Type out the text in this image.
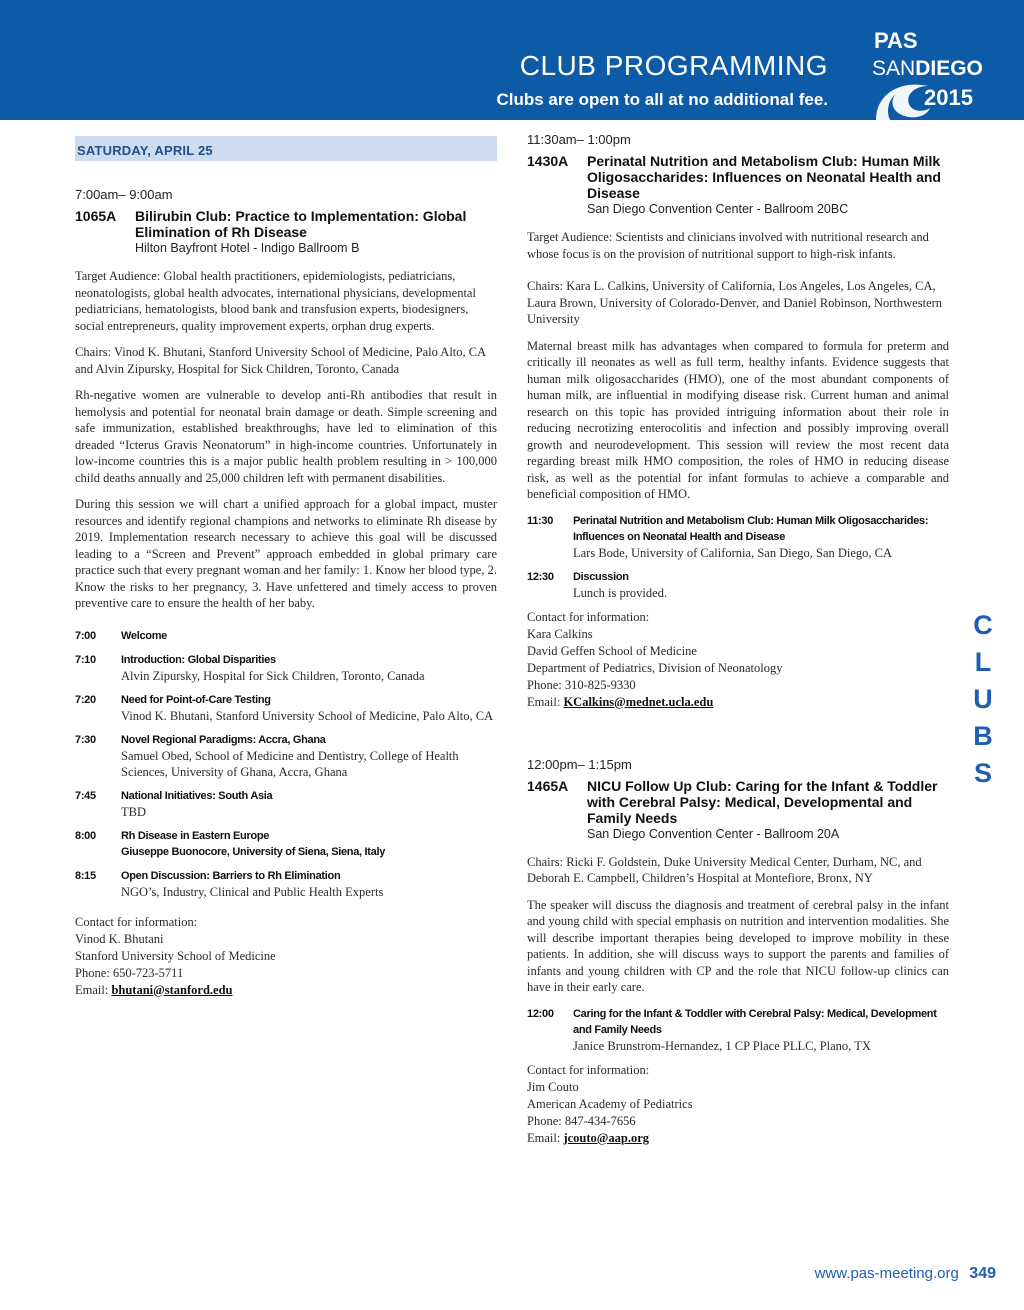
CLUB PROGRAMMING
Clubs are open to all at no additional fee.
PAS
SANDIEGO
2015
SATURDAY, APRIL 25
7:00am– 9:00am
1065A	Bilirubin Club: Practice to Implementation: Global Elimination of Rh Disease
Hilton Bayfront Hotel - Indigo Ballroom B

Target Audience: Global health practitioners, epidemiologists, pediatricians, neonatologists, global health advocates, international physicians, developmental pediatricians, hematologists, blood bank and transfusion experts, biodesigners, social entrepreneurs, quality improvement experts, orphan drug experts.

Chairs: Vinod K. Bhutani, Stanford University School of Medicine, Palo Alto, CA and Alvin Zipursky, Hospital for Sick Children, Toronto, Canada

Rh-negative women are vulnerable to develop anti-Rh antibodies that result in hemolysis and potential for neonatal brain damage or death. Simple screening and safe immunization, established breakthroughs, have led to elimination of this dreaded “Icterus Gravis Neonatorum” in high-income countries. Unfortunately in low-income countries this is a major public health problem resulting in > 100,000 child deaths annually and 25,000 children left with permanent disabilities.

During this session we will chart a unified approach for a global impact, muster resources and identify regional champions and networks to eliminate Rh disease by 2019. Implementation research necessary to achieve this goal will be discussed leading to a “Screen and Prevent” approach embedded in global primary care practice such that every pregnant woman and her family: 1. Know her blood type, 2. Know the risks to her pregnancy, 3. Have unfettered and timely access to proven preventive care to ensure the health of her baby.

7:00	Welcome
7:10	Introduction: Global Disparities
Alvin Zipursky, Hospital for Sick Children, Toronto, Canada
7:20	Need for Point-of-Care Testing
Vinod K. Bhutani, Stanford University School of Medicine, Palo Alto, CA
7:30	Novel Regional Paradigms: Accra, Ghana
Samuel Obed, School of Medicine and Dentistry, College of Health Sciences, University of Ghana, Accra, Ghana
7:45	National Initiatives: South Asia
TBD
8:00	Rh Disease in Eastern Europe
Giuseppe Buonocore, University of Siena, Siena, Italy
8:15	Open Discussion: Barriers to Rh Elimination
NGO’s, Industry, Clinical and Public Health Experts
Contact for information:
Vinod K. Bhutani
Stanford University School of Medicine
Phone: 650-723-5711
Email: bhutani@stanford.edu
11:30am– 1:00pm
1430A	Perinatal Nutrition and Metabolism Club: Human Milk Oligosaccharides: Influences on Neonatal Health and Disease
San Diego Convention Center - Ballroom 20BC

Target Audience: Scientists and clinicians involved with nutritional research and whose focus is on the provision of nutritional support to high-risk infants.

Chairs: Kara L. Calkins, University of California, Los Angeles, Los Angeles, CA, Laura Brown, University of Colorado-Denver, and Daniel Robinson, Northwestern University

Maternal breast milk has advantages when compared to formula for preterm and critically ill neonates as well as full term, healthy infants. Evidence suggests that human milk oligosaccharides (HMO), one of the most abundant components of human milk, are influential in modifying disease risk. Current human and animal research on this topic has provided intriguing information about their role in reducing necrotizing enterocolitis and infection and possibly improving overall growth and neurodevelopment. This session will review the most recent data regarding breast milk HMO composition, the roles of HMO in reducing disease risk, as well as the potential for infant formulas to achieve a comparable and beneficial composition of HMO.

11:30	Perinatal Nutrition and Metabolism Club: Human Milk Oligosaccharides: Influences on Neonatal Health and Disease
Lars Bode, University of California, San Diego, San Diego, CA
12:30	Discussion
Lunch is provided.
Contact for information:
Kara Calkins
David Geffen School of Medicine
Department of Pediatrics, Division of Neonatology
Phone: 310-825-9330
Email: KCalkins@mednet.ucla.edu
12:00pm– 1:15pm
1465A	NICU Follow Up Club: Caring for the Infant & Toddler with Cerebral Palsy: Medical, Developmental and Family Needs
San Diego Convention Center - Ballroom 20A

Chairs: Ricki F. Goldstein, Duke University Medical Center, Durham, NC, and Deborah E. Campbell, Children’s Hospital at Montefiore, Bronx, NY

The speaker will discuss the diagnosis and treatment of cerebral palsy in the infant and young child with special emphasis on nutrition and intervention modalities. She will describe important therapies being developed to improve mobility in these patients. In addition, she will discuss ways to support the parents and families of infants and young children with CP and the role that NICU follow-up clinics can have in their early care.

12:00	Caring for the Infant & Toddler with Cerebral Palsy: Medical, Development and Family Needs
Janice Brunstrom-Hernandez, 1 CP Place PLLC, Plano, TX
Contact for information:
Jim Couto
American Academy of Pediatrics
Phone: 847-434-7656
Email: jcouto@aap.org
C
L
U
B
S
www.pas-meeting.org 349
